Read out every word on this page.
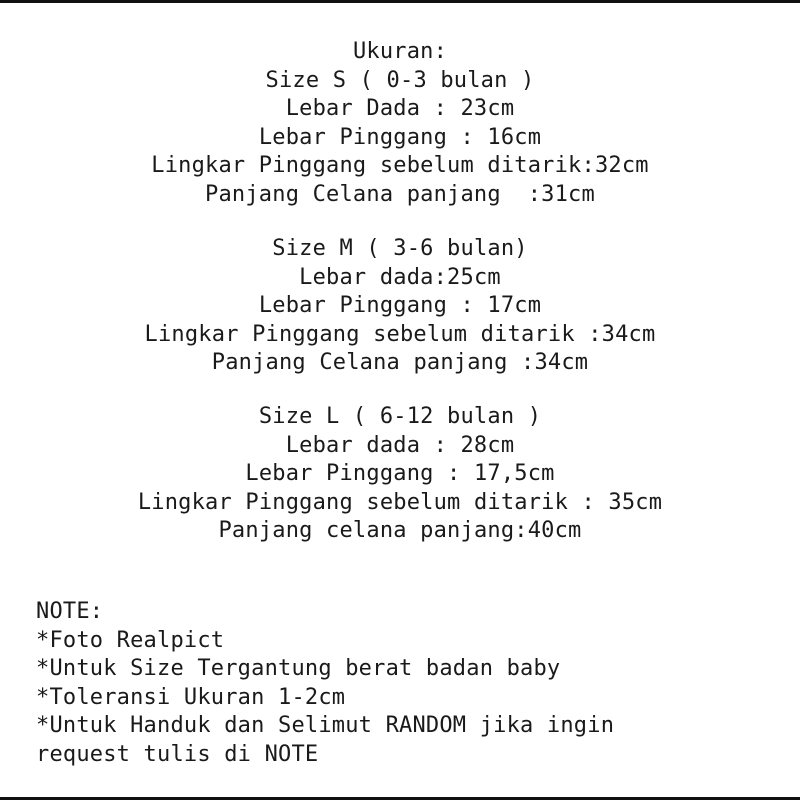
Ukuran:
Size S ( 0-3 bulan )
Lebar Dada : 23cm
Lebar Pinggang : 16cm
Lingkar Pinggang sebelum ditarik:32cm
Panjang Celana panjang  :31cm
Size M ( 3-6 bulan)
Lebar dada:25cm
Lebar Pinggang : 17cm
Lingkar Pinggang sebelum ditarik :34cm
Panjang Celana panjang :34cm
Size L ( 6-12 bulan )
Lebar dada : 28cm
Lebar Pinggang : 17,5cm
Lingkar Pinggang sebelum ditarik : 35cm
Panjang celana panjang:40cm
NOTE:
*Foto Realpict
*Untuk Size Tergantung berat badan baby
*Toleransi Ukuran 1-2cm
*Untuk Handuk dan Selimut RANDOM jika ingin
request tulis di NOTE
